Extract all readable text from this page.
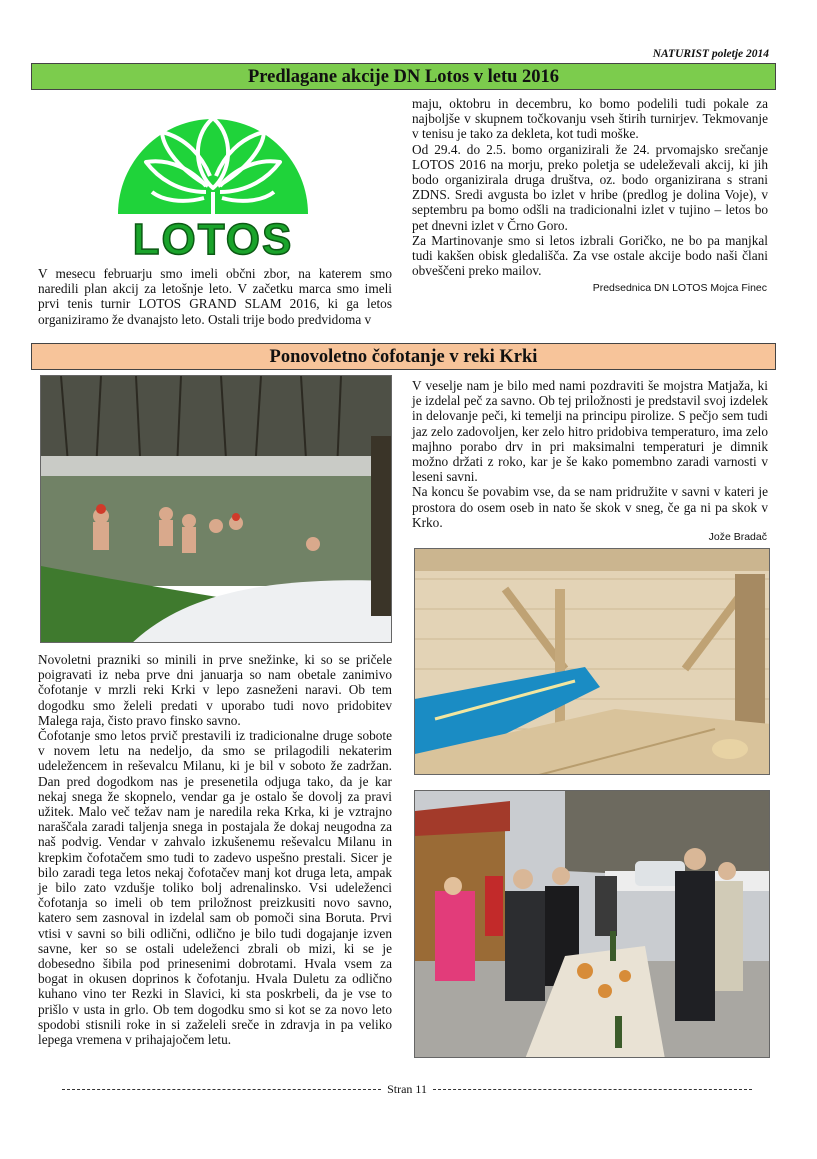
NATURIST poletje 2014
Predlagane akcije DN Lotos v letu 2016
LOTOS

V mesecu februarju smo imeli občni zbor, na katerem smo naredili plan akcij za letošnje leto. V začetku marca smo imeli prvi tenis turnir LOTOS GRAND SLAM 2016, ki ga letos organiziramo že dvanajsto leto. Ostali trije bodo predvidoma v

maju, oktobru in decembru, ko bomo podelili tudi pokale za najboljše v skupnem točkovanju vseh štirih turnirjev. Tekmovanje v tenisu je tako za dekleta, kot tudi moške.

Od 29.4. do 2.5. bomo organizirali že 24. prvomajsko srečanje LOTOS 2016 na morju, preko poletja se udeleževali akcij, ki jih bodo organizirala druga društva, oz. bodo organizirana s strani ZDNS. Sredi avgusta bo izlet v hribe (predlog je dolina Voje), v septembru pa bomo odšli na tradicionalni izlet v tujino – letos bo pet dnevni izlet v Črno Goro.

Za Martinovanje smo si letos izbrali Goričko, ne bo pa manjkal tudi kakšen obisk gledališča. Za vse ostale akcije bodo naši člani obveščeni preko mailov.

Predsednica DN LOTOS Mojca Finec
Ponovoletno čofotanje v reki Krki

Novoletni prazniki so minili in prve snežinke, ki so se pričele poigravati iz neba prve dni januarja so nam obetale zanimivo čofotanje v mrzli reki Krki v lepo zasneženi naravi. Ob tem dogodku smo želeli predati v uporabo tudi novo pridobitev Malega raja, čisto pravo finsko savno.

Čofotanje smo letos prvič prestavili iz tradicionalne druge sobote v novem letu na nedeljo, da smo se prilagodili nekaterim udeležencem in reševalcu Milanu, ki je bil v soboto že zadržan. Dan pred dogodkom nas je presenetila odjuga tako, da je kar nekaj snega že skopnelo, vendar ga je ostalo še dovolj za pravi užitek. Malo več težav nam je naredila reka Krka, ki je vztrajno naraščala zaradi taljenja snega in postajala že dokaj neugodna za naš podvig. Vendar v zahvalo izkušenemu reševalcu Milanu in krepkim čofotačem smo tudi to zadevo uspešno prestali. Sicer je bilo zaradi tega letos nekaj čofotačev manj kot druga leta, ampak je bilo zato vzdušje toliko bolj adrenalinsko. Vsi udeleženci čofotanja so imeli ob tem priložnost preizkusiti novo savno, katero sem zasnoval in izdelal sam ob pomoči sina Boruta. Prvi vtisi v savni so bili odlični, odlično je bilo tudi dogajanje izven savne, ker so se ostali udeleženci zbrali ob mizi, ki se je dobesedno šibila pod prinesenimi dobrotami. Hvala vsem za bogat in okusen doprinos k čofotanju. Hvala Duletu za odlično kuhano vino ter Rezki in Slavici, ki sta poskrbeli, da je vse to prišlo v usta in grlo. Ob tem dogodku smo si kot se za novo leto spodobi stisnili roke in si zaželeli sreče in zdravja in pa veliko lepega vremena v prihajajočem letu.

V veselje nam je bilo med nami pozdraviti še mojstra Matjaža, ki je izdelal peč za savno. Ob tej priložnosti je predstavil svoj izdelek in delovanje peči, ki temelji na principu pirolize. S pečjo sem tudi jaz zelo zadovoljen, ker zelo hitro pridobiva temperaturo, ima zelo majhno porabo drv in pri maksimalni temperaturi je dimnik možno držati z roko, kar je še kako pomembno zaradi varnosti v leseni savni.

Na koncu še povabim vse, da se nam pridružite v savni v kateri je prostora do osem oseb in nato še skok v sneg, če ga ni pa skok v Krko.

Jože Bradač
Stran 11
